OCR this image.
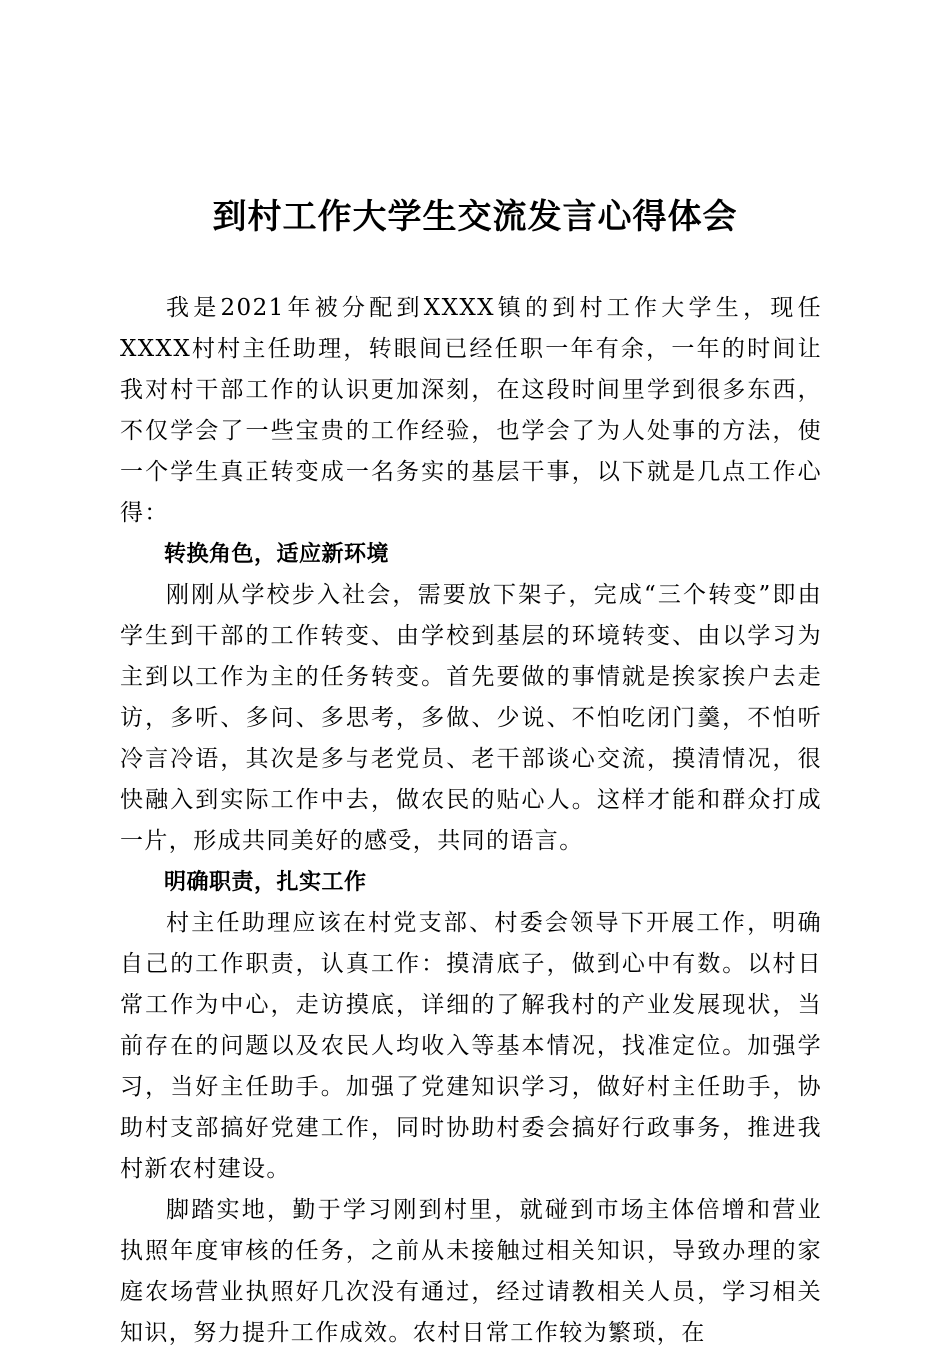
到村工作大学生交流发言心得体会

我是2021年被分配到XXXX镇的到村工作大学生，现任XXXX村村主任助理，转眼间已经任职一年有余，一年的时间让我对村干部工作的认识更加深刻，在这段时间里学到很多东西，不仅学会了一些宝贵的工作经验，也学会了为人处事的方法，使一个学生真正转变成一名务实的基层干事，以下就是几点工作心得：

转换角色，适应新环境

刚刚从学校步入社会，需要放下架子，完成“三个转变”即由学生到干部的工作转变、由学校到基层的环境转变、由以学习为主到以工作为主的任务转变。首先要做的事情就是挨家挨户去走访，多听、多问、多思考，多做、少说、不怕吃闭门羹，不怕听冷言冷语，其次是多与老党员、老干部谈心交流，摸清情况，很快融入到实际工作中去，做农民的贴心人。这样才能和群众打成一片，形成共同美好的感受，共同的语言。

明确职责，扎实工作

村主任助理应该在村党支部、村委会领导下开展工作，明确自己的工作职责，认真工作：摸清底子，做到心中有数。以村日常工作为中心，走访摸底，详细的了解我村的产业发展现状，当前存在的问题以及农民人均收入等基本情况，找准定位。加强学习，当好主任助手。加强了党建知识学习，做好村主任助手，协助村支部搞好党建工作，同时协助村委会搞好行政事务，推进我村新农村建设。

脚踏实地，勤于学习刚到村里，就碰到市场主体倍增和营业执照年度审核的任务，之前从未接触过相关知识，导致办理的家庭农场营业执照好几次没有通过，经过请教相关人员，学习相关知识，努力提升工作成效。农村日常工作较为繁琐，在
